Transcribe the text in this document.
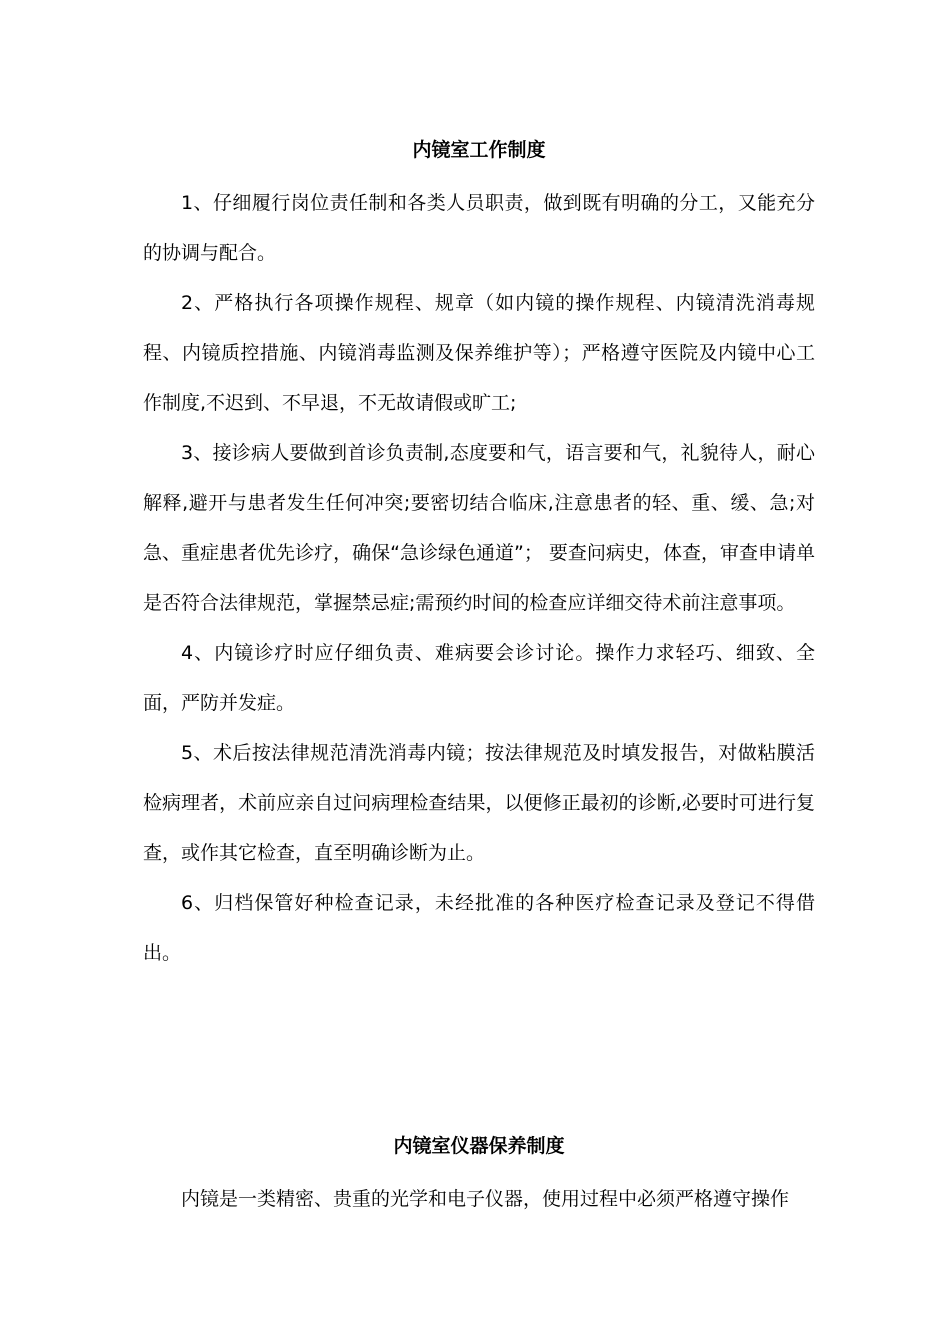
内镜室工作制度

1、仔细履行岗位责任制和各类人员职责，做到既有明确的分工，又能充分的协调与配合。

2、严格执行各项操作规程、规章（如内镜的操作规程、内镜清洗消毒规程、内镜质控措施、内镜消毒监测及保养维护等）；严格遵守医院及内镜中心工作制度,不迟到、不早退，不无故请假或旷工;

3、接诊病人要做到首诊负责制,态度要和气，语言要和气，礼貌待人，耐心解释,避开与患者发生任何冲突;要密切结合临床,注意患者的轻、重、缓、急;对急、重症患者优先诊疗，确保“急诊绿色通道”； 要查问病史，体查，审查申请单是否符合法律规范，掌握禁忌症;需预约时间的检查应详细交待术前注意事项。

4、内镜诊疗时应仔细负责、难病要会诊讨论。操作力求轻巧、细致、全面，严防并发症。

5、术后按法律规范清洗消毒内镜；按法律规范及时填发报告，对做粘膜活检病理者，术前应亲自过问病理检查结果，以便修正最初的诊断,必要时可进行复查，或作其它检查，直至明确诊断为止。

6、归档保管好种检查记录，未经批准的各种医疗检查记录及登记不得借出。

内镜室仪器保养制度

内镜是一类精密、贵重的光学和电子仪器，使用过程中必须严格遵守操作
